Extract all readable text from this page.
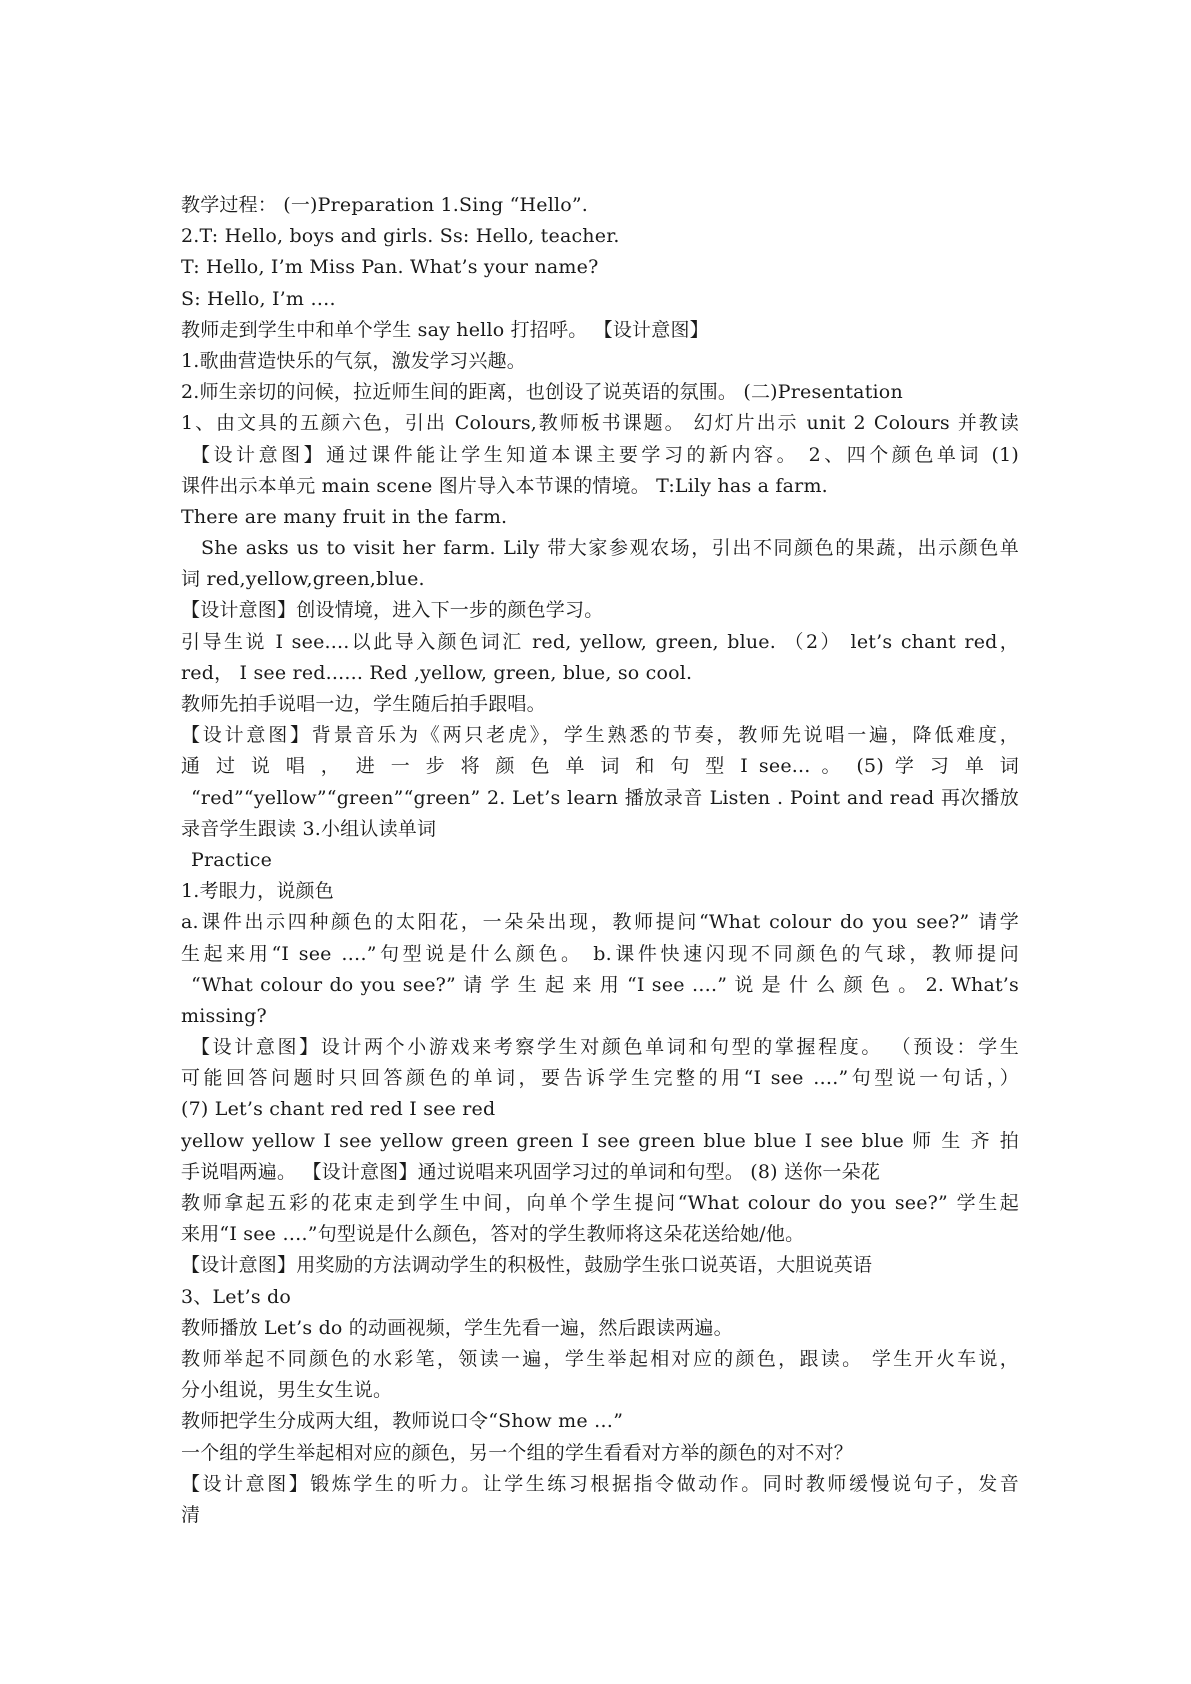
教学过程： (一)Preparation 1.Sing “Hello”.
2.T: Hello, boys and girls. Ss: Hello, teacher.
T: Hello, I’m Miss Pan. What’s your name?
S: Hello, I’m ….
教师走到学生中和单个学生 say hello 打招呼。 【设计意图】
1.歌曲营造快乐的气氛，激发学习兴趣。
2.师生亲切的问候，拉近师生间的距离，也创设了说英语的氛围。 (二)Presentation
1、由文具的五颜六色，引出 Colours,教师板书课题。 幻灯片出示 unit 2 Colours 并教读
【设计意图】通过课件能让学生知道本课主要学习的新内容。 2、四个颜色单词 (1)
课件出示本单元 main scene 图片导入本节课的情境。 T:Lily has a farm.
There are many fruit in the farm.
She asks us to visit her farm. Lily 带大家参观农场，引出不同颜色的果蔬，出示颜色单
词 red,yellow,green,blue.
【设计意图】创设情境，进入下一步的颜色学习。
引导生说 I see....以此导入颜色词汇 red, yellow, green, blue. （2） let’s chant red，
red， I see red...... Red ,yellow, green, blue, so cool.
教师先拍手说唱一边，学生随后拍手跟唱。
【设计意图】背景音乐为《两只老虎》，学生熟悉的节奏，教师先说唱一遍，降低难度，
通 过 说 唱 ， 进 一 步 将 颜 色 单 词 和 句 型 I see... 。 (5) 学 习 单 词
“red”“yellow”“green”“green” 2. Let’s learn 播放录音 Listen . Point and read 再次播放
录音学生跟读 3.小组认读单词
Practice
1.考眼力，说颜色
a.课件出示四种颜色的太阳花，一朵朵出现，教师提问“What colour do you see?” 请学
生起来用“I see ….”句型说是什么颜色。 b.课件快速闪现不同颜色的气球，教师提问
“What colour do you see?” 请 学 生 起 来 用 “I see ….” 说 是 什 么 颜 色 。 2. What’s
missing?
【设计意图】设计两个小游戏来考察学生对颜色单词和句型的掌握程度。 （预设：学生
可能回答问题时只回答颜色的单词，要告诉学生完整的用“I see ….”句型说一句话，）
(7) Let’s chant red red I see red
yellow yellow I see yellow green green I see green blue blue I see blue 师 生 齐 拍
手说唱两遍。 【设计意图】通过说唱来巩固学习过的单词和句型。 (8) 送你一朵花
教师拿起五彩的花束走到学生中间，向单个学生提问“What colour do you see?” 学生起
来用“I see ….”句型说是什么颜色，答对的学生教师将这朵花送给她/他。
【设计意图】用奖励的方法调动学生的积极性，鼓励学生张口说英语，大胆说英语
3、Let’s do
教师播放 Let’s do 的动画视频，学生先看一遍，然后跟读两遍。
教师举起不同颜色的水彩笔，领读一遍，学生举起相对应的颜色，跟读。 学生开火车说，
分小组说，男生女生说。
教师把学生分成两大组，教师说口令“Show me …”
一个组的学生举起相对应的颜色，另一个组的学生看看对方举的颜色的对不对？
【设计意图】锻炼学生的听力。让学生练习根据指令做动作。同时教师缓慢说句子，发音
清
